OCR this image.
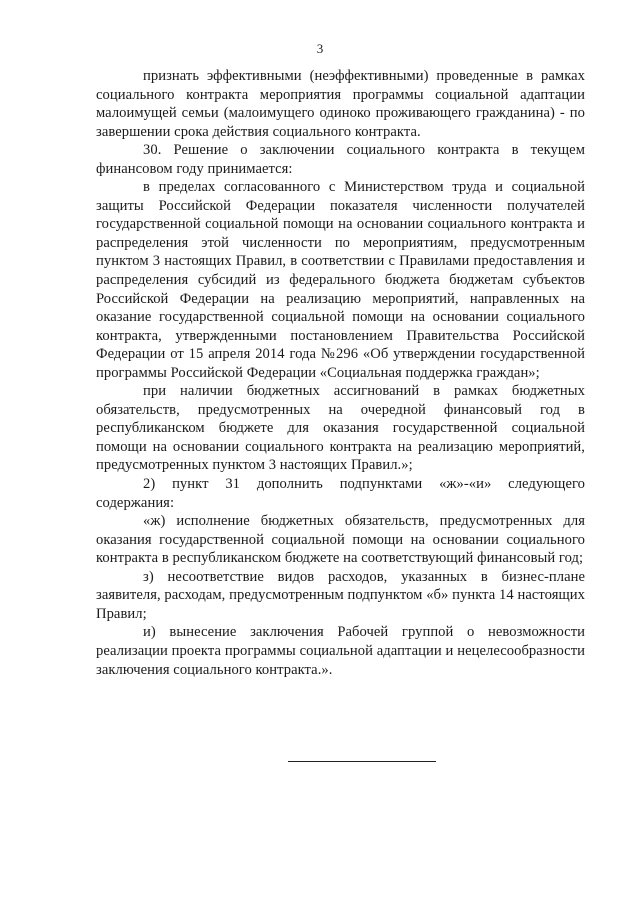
3

признать эффективными (неэффективными) проведенные в рамках социального контракта мероприятия программы социальной адаптации малоимущей семьи (малоимущего одиноко проживающего гражданина) - по завершении срока действия социального контракта.

30. Решение о заключении социального контракта в текущем финансовом году принимается:

в пределах согласованного с Министерством труда и социальной защиты Российской Федерации показателя численности получателей государственной социальной помощи на основании социального контракта и распределения этой численности по мероприятиям, предусмотренным пунктом 3 настоящих Правил, в соответствии с Правилами предоставления и распределения субсидий из федерального бюджета бюджетам субъектов Российской Федерации на реализацию мероприятий, направленных на оказание государственной социальной помощи на основании социального контракта, утвержденными постановлением Правительства Российской Федерации от 15 апреля 2014 года №296 «Об утверждении государственной программы Российской Федерации «Социальная поддержка граждан»;

при наличии бюджетных ассигнований в рамках бюджетных обязательств, предусмотренных на очередной финансовый год в республиканском бюджете для оказания государственной социальной помощи на основании социального контракта на реализацию мероприятий, предусмотренных пунктом 3 настоящих Правил.»;

2) пункт 31 дополнить подпунктами «ж»-«и» следующего содержания:

«ж) исполнение бюджетных обязательств, предусмотренных для оказания государственной социальной помощи на основании социального контракта в республиканском бюджете на соответствующий финансовый год;

з) несоответствие видов расходов, указанных в бизнес-плане заявителя, расходам, предусмотренным подпунктом «б» пункта 14 настоящих Правил;

и) вынесение заключения Рабочей группой о невозможности реализации проекта программы социальной адаптации и нецелесообразности заключения социального контракта.».
